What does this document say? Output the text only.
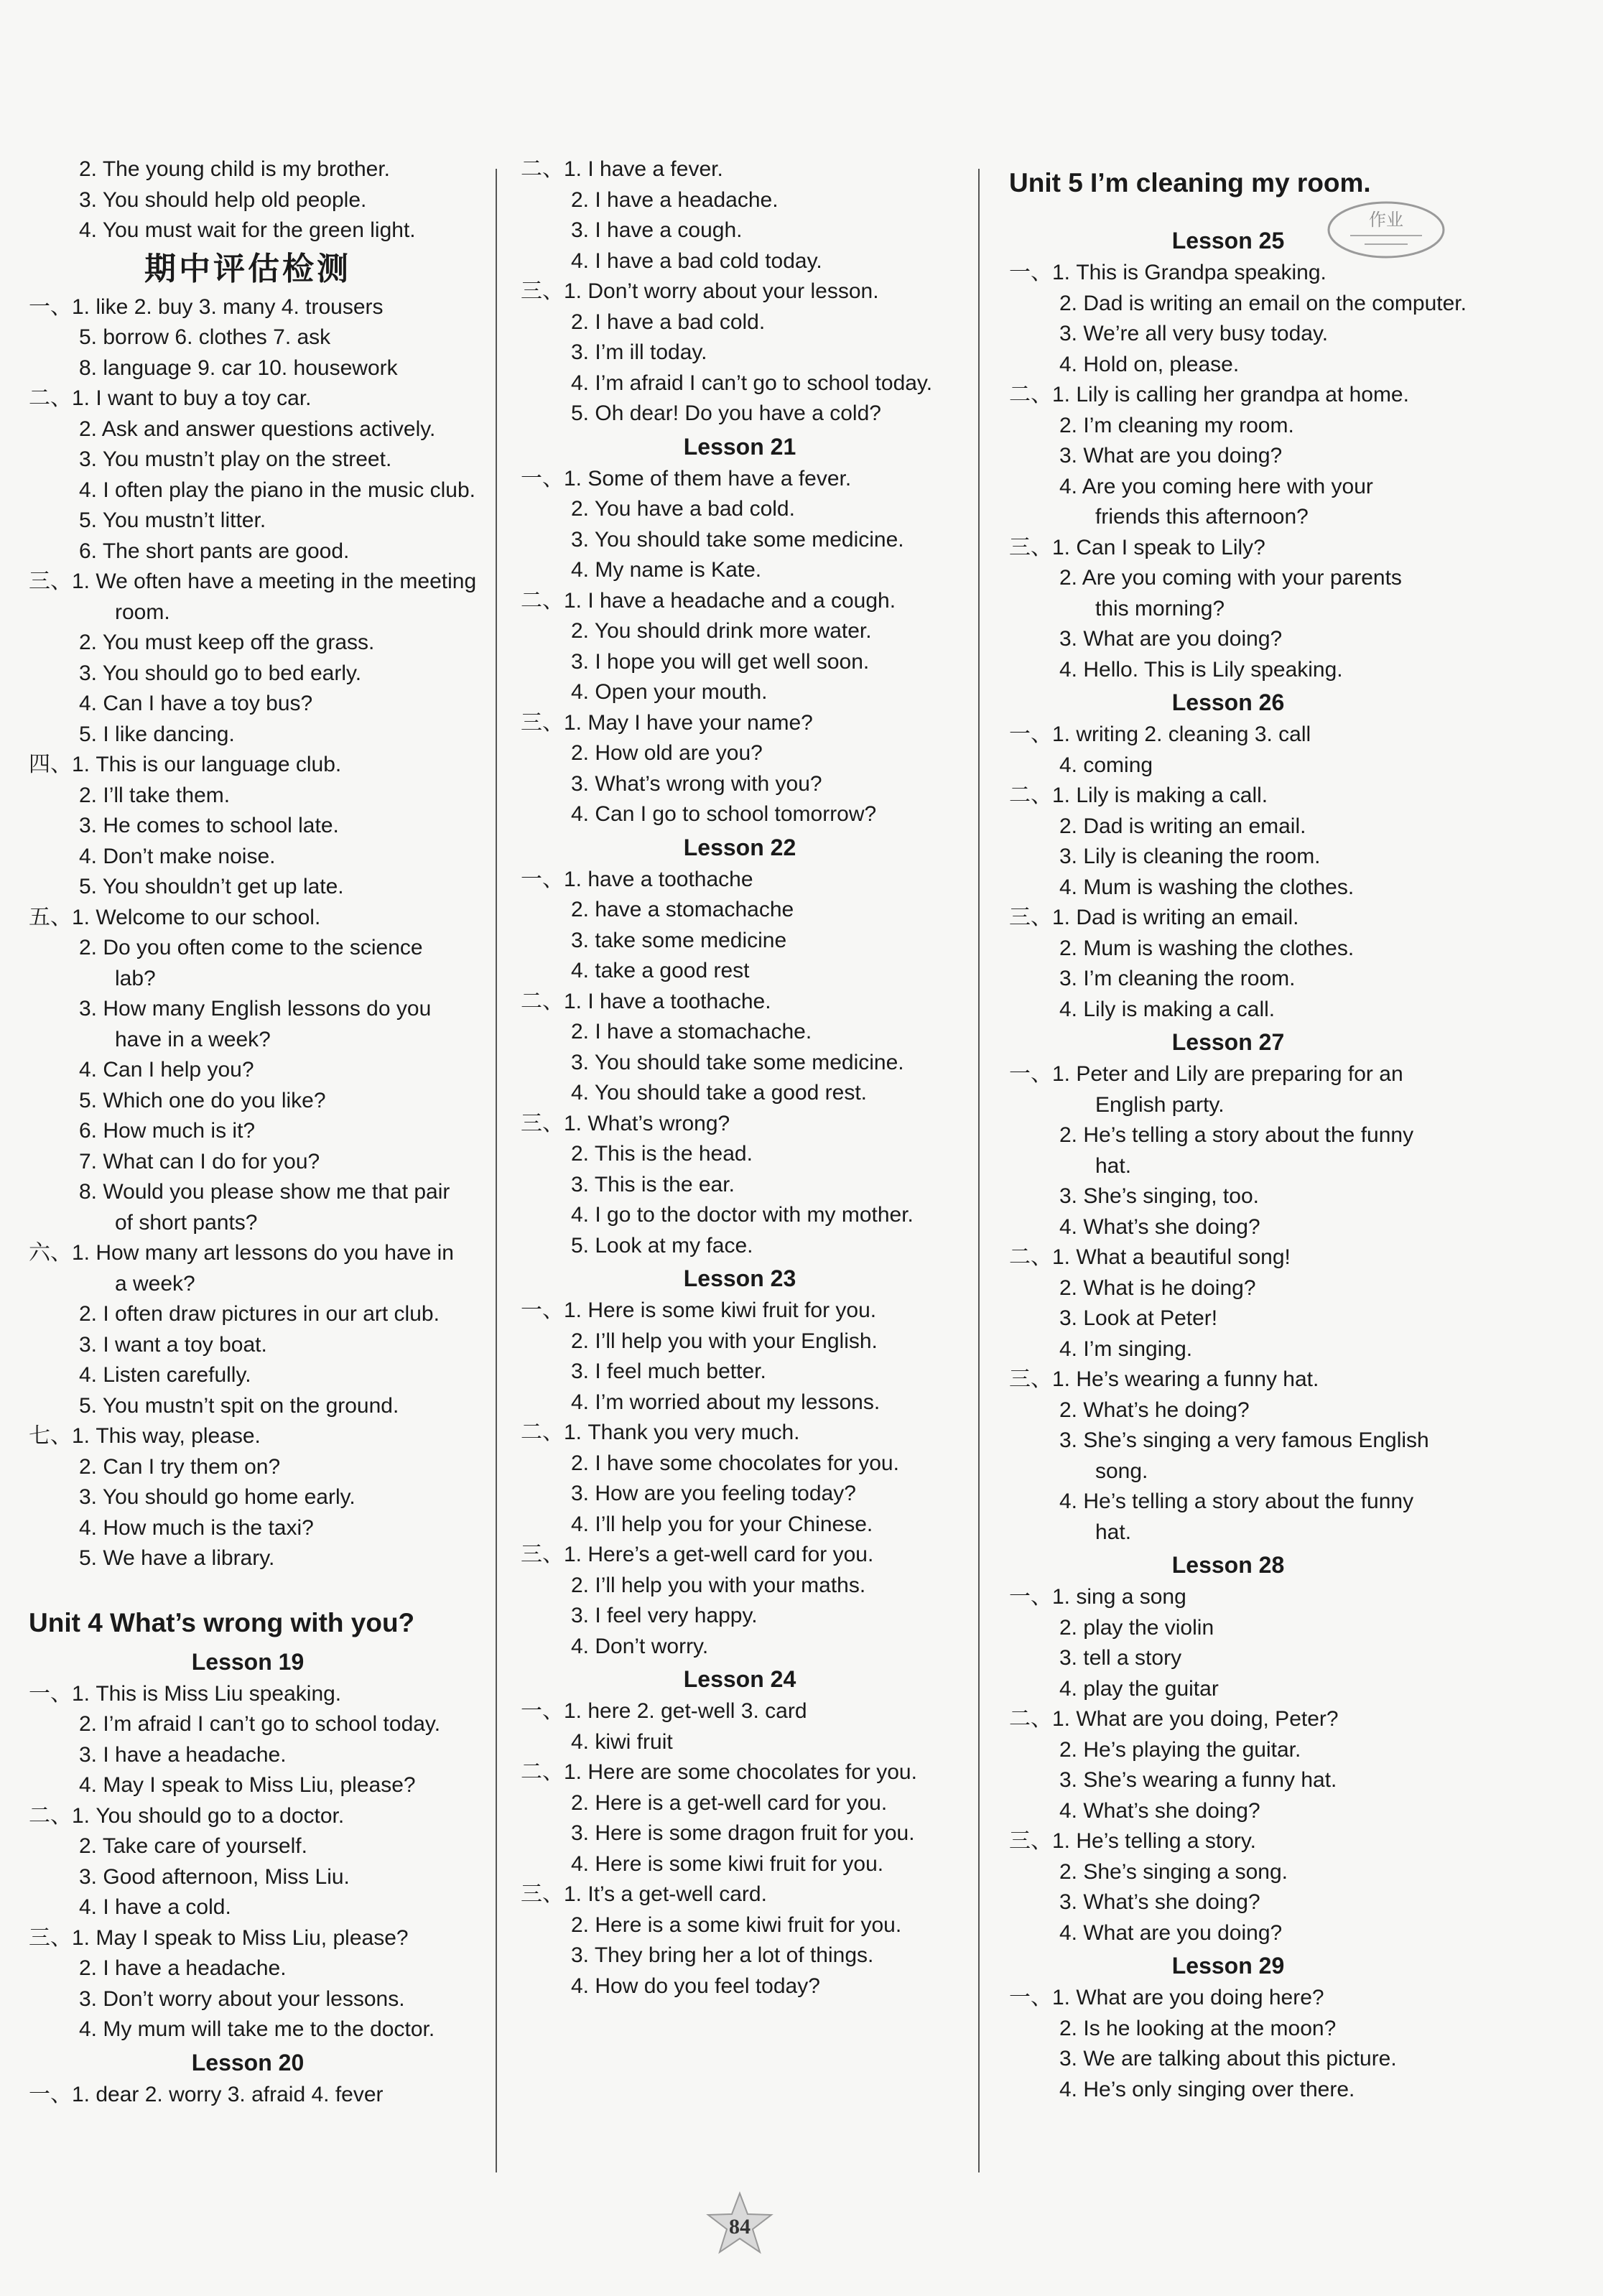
2. The young child is my brother.
3. You should help old people.
4. You must wait for the green light.
期中评估检测
一、1. like 2. buy 3. many 4. trousers
5. borrow 6. clothes 7. ask
8. language 9. car 10. housework
二、1. I want to buy a toy car.
2. Ask and answer questions actively.
3. You mustn’t play on the street.
4. I often play the piano in the music club.
5. You mustn’t litter.
6. The short pants are good.
三、1. We often have a meeting in the meeting
room.
2. You must keep off the grass.
3. You should go to bed early.
4. Can I have a toy bus?
5. I like dancing.
四、1. This is our language club.
2. I’ll take them.
3. He comes to school late.
4. Don’t make noise.
5. You shouldn’t get up late.
五、1. Welcome to our school.
2. Do you often come to the science
lab?
3. How many English lessons do you
have in a week?
4. Can I help you?
5. Which one do you like?
6. How much is it?
7. What can I do for you?
8. Would you please show me that pair
of short pants?
六、1. How many art lessons do you have in
a week?
2. I often draw pictures in our art club.
3. I want a toy boat.
4. Listen carefully.
5. You mustn’t spit on the ground.
七、1. This way, please.
2. Can I try them on?
3. You should go home early.
4. How much is the taxi?
5. We have a library.
Unit 4 What’s wrong with you?
Lesson 19
一、1. This is Miss Liu speaking.
2. I’m afraid I can’t go to school today.
3. I have a headache.
4. May I speak to Miss Liu, please?
二、1. You should go to a doctor.
2. Take care of yourself.
3. Good afternoon, Miss Liu.
4. I have a cold.
三、1. May I speak to Miss Liu, please?
2. I have a headache.
3. Don’t worry about your lessons.
4. My mum will take me to the doctor.
Lesson 20
一、1. dear 2. worry 3. afraid 4. fever
二、1. I have a fever.
2. I have a headache.
3. I have a cough.
4. I have a bad cold today.
三、1. Don’t worry about your lesson.
2. I have a bad cold.
3. I’m ill today.
4. I’m afraid I can’t go to school today.
5. Oh dear! Do you have a cold?
Lesson 21
一、1. Some of them have a fever.
2. You have a bad cold.
3. You should take some medicine.
4. My name is Kate.
二、1. I have a headache and a cough.
2. You should drink more water.
3. I hope you will get well soon.
4. Open your mouth.
三、1. May I have your name?
2. How old are you?
3. What’s wrong with you?
4. Can I go to school tomorrow?
Lesson 22
一、1. have a toothache
2. have a stomachache
3. take some medicine
4. take a good rest
二、1. I have a toothache.
2. I have a stomachache.
3. You should take some medicine.
4. You should take a good rest.
三、1. What’s wrong?
2. This is the head.
3. This is the ear.
4. I go to the doctor with my mother.
5. Look at my face.
Lesson 23
一、1. Here is some kiwi fruit for you.
2. I’ll help you with your English.
3. I feel much better.
4. I’m worried about my lessons.
二、1. Thank you very much.
2. I have some chocolates for you.
3. How are you feeling today?
4. I’ll help you for your Chinese.
三、1. Here’s a get-well card for you.
2. I’ll help you with your maths.
3. I feel very happy.
4. Don’t worry.
Lesson 24
一、1. here 2. get-well 3. card
4. kiwi fruit
二、1. Here are some chocolates for you.
2. Here is a get-well card for you.
3. Here is some dragon fruit for you.
4. Here is some kiwi fruit for you.
三、1. It’s a get-well card.
2. Here is a some kiwi fruit for you.
3. They bring her a lot of things.
4. How do you feel today?
Unit 5 I’m cleaning my room.
Lesson 25
一、1. This is Grandpa speaking.
2. Dad is writing an email on the computer.
3. We’re all very busy today.
4. Hold on, please.
二、1. Lily is calling her grandpa at home.
2. I’m cleaning my room.
3. What are you doing?
4. Are you coming here with your
friends this afternoon?
三、1. Can I speak to Lily?
2. Are you coming with your parents
this morning?
3. What are you doing?
4. Hello. This is Lily speaking.
Lesson 26
一、1. writing 2. cleaning 3. call
4. coming
二、1. Lily is making a call.
2. Dad is writing an email.
3. Lily is cleaning the room.
4. Mum is washing the clothes.
三、1. Dad is writing an email.
2. Mum is washing the clothes.
3. I’m cleaning the room.
4. Lily is making a call.
Lesson 27
一、1. Peter and Lily are preparing for an
English party.
2. He’s telling a story about the funny
hat.
3. She’s singing, too.
4. What’s she doing?
二、1. What a beautiful song!
2. What is he doing?
3. Look at Peter!
4. I’m singing.
三、1. He’s wearing a funny hat.
2. What’s he doing?
3. She’s singing a very famous English
song.
4. He’s telling a story about the funny
hat.
Lesson 28
一、1. sing a song
2. play the violin
3. tell a story
4. play the guitar
二、1. What are you doing, Peter?
2. He’s playing the guitar.
3. She’s wearing a funny hat.
4. What’s she doing?
三、1. He’s telling a story.
2. She’s singing a song.
3. What’s she doing?
4. What are you doing?
Lesson 29
一、1. What are you doing here?
2. Is he looking at the moon?
3. We are talking about this picture.
4. He’s only singing over there.
作业
84
